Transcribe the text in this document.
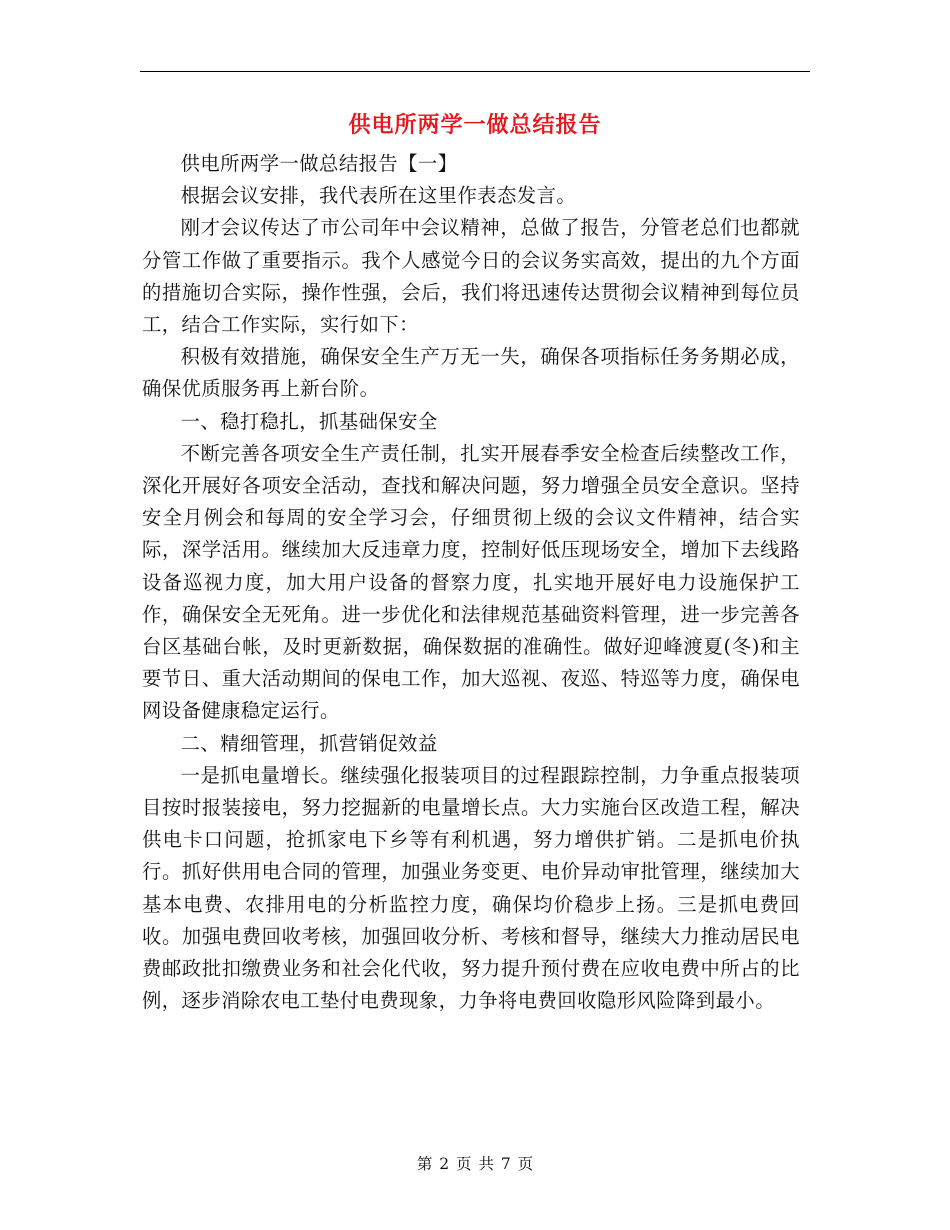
供电所两学一做总结报告

供电所两学一做总结报告【一】

根据会议安排，我代表所在这里作表态发言。

刚才会议传达了市公司年中会议精神，总做了报告，分管老总们也都就分管工作做了重要指示。我个人感觉今日的会议务实高效，提出的九个方面的措施切合实际，操作性强，会后，我们将迅速传达贯彻会议精神到每位员工，结合工作实际，实行如下：

积极有效措施，确保安全生产万无一失，确保各项指标任务务期必成，确保优质服务再上新台阶。

一、稳打稳扎，抓基础保安全

不断完善各项安全生产责任制，扎实开展春季安全检查后续整改工作，深化开展好各项安全活动，查找和解决问题，努力增强全员安全意识。坚持安全月例会和每周的安全学习会，仔细贯彻上级的会议文件精神，结合实际，深学活用。继续加大反违章力度，控制好低压现场安全，增加下去线路设备巡视力度，加大用户设备的督察力度，扎实地开展好电力设施保护工作，确保安全无死角。进一步优化和法律规范基础资料管理，进一步完善各台区基础台帐，及时更新数据，确保数据的准确性。做好迎峰渡夏(冬)和主要节日、重大活动期间的保电工作，加大巡视、夜巡、特巡等力度，确保电网设备健康稳定运行。

二、精细管理，抓营销促效益

一是抓电量增长。继续强化报装项目的过程跟踪控制，力争重点报装项目按时报装接电，努力挖掘新的电量增长点。大力实施台区改造工程，解决供电卡口问题，抢抓家电下乡等有利机遇，努力增供扩销。二是抓电价执行。抓好供用电合同的管理，加强业务变更、电价异动审批管理，继续加大基本电费、农排用电的分析监控力度，确保均价稳步上扬。三是抓电费回收。加强电费回收考核，加强回收分析、考核和督导，继续大力推动居民电费邮政批扣缴费业务和社会化代收，努力提升预付费在应收电费中所占的比例，逐步消除农电工垫付电费现象，力争将电费回收隐形风险降到最小。

第 2 页 共 7 页
